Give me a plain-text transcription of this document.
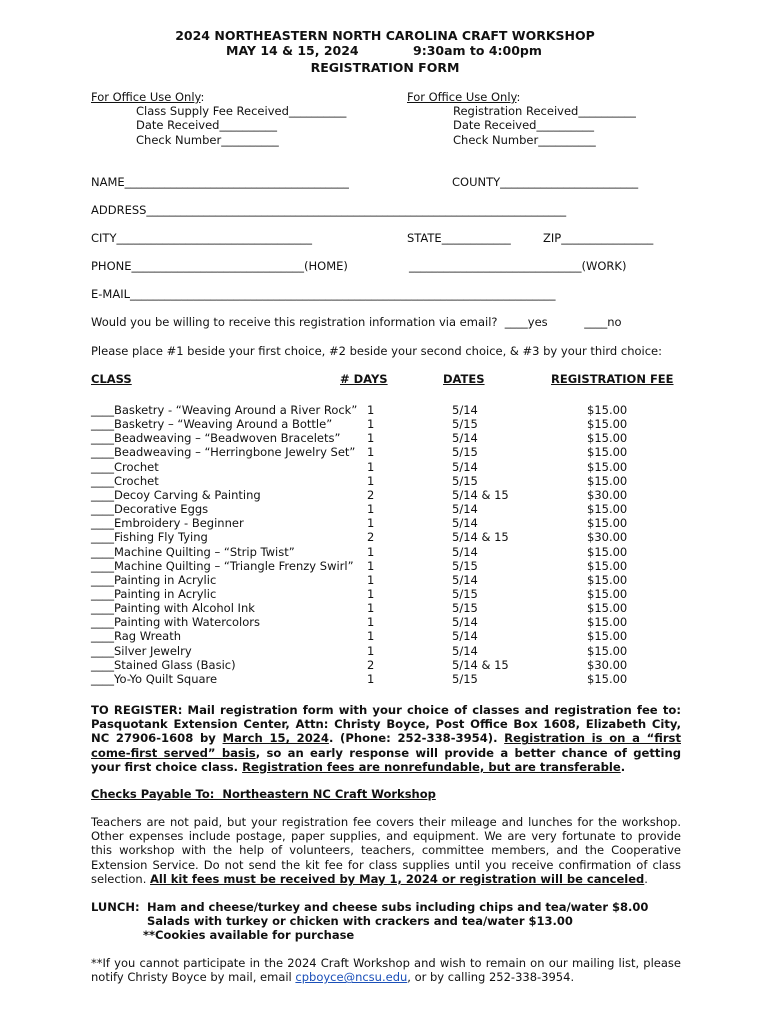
2024 NORTHEASTERN NORTH CAROLINA CRAFT WORKSHOP
MAY 14 & 15, 2024	9:30am to 4:00pm
REGISTRATION FORM
For Office Use Only:
Class Supply Fee Received__________
Date Received__________
Check Number__________
For Office Use Only:
Registration Received__________
Date Received__________
Check Number__________
NAME_______________________________________	COUNTY________________________
ADDRESS_________________________________________________________________________
CITY__________________________________	STATE____________	ZIP________________
PHONE______________________________(HOME)	______________________________(WORK)
E-MAIL__________________________________________________________________________
Would you be willing to receive this registration information via email?  ____yes          ____no
Please place #1 beside your first choice, #2 beside your second choice, & #3 by your third choice:
CLASS	# DAYS	DATES	REGISTRATION FEE
____Basketry - “Weaving Around a River Rock” 1	5/14	$15.00
____Basketry – “Weaving Around a Bottle”	1	5/15	$15.00
____Beadweaving – “Beadwoven Bracelets” 1	5/14	$15.00
____Beadweaving – “Herringbone Jewelry Set” 1	5/15	$15.00
____Crochet	1	5/14	$15.00
____Crochet	1	5/15	$15.00
____Decoy Carving & Painting	2	5/14 & 15	$30.00
____Decorative Eggs	1	5/14	$15.00
____Embroidery - Beginner	1	5/14	$15.00
____Fishing Fly Tying	2	5/14 & 15	$30.00
____Machine Quilting – “Strip Twist”	1	5/14	$15.00
____Machine Quilting – “Triangle Frenzy Swirl” 1	5/15	$15.00
____Painting in Acrylic	1	5/14	$15.00
____Painting in Acrylic	1	5/15	$15.00
____Painting with Alcohol Ink	1	5/15	$15.00
____Painting with Watercolors	1	5/14	$15.00
____Rag Wreath	1	5/14	$15.00
____Silver Jewelry	1	5/14	$15.00
____Stained Glass (Basic)	2	5/14 & 15	$30.00
____Yo-Yo Quilt Square	1	5/15	$15.00
TO REGISTER: Mail registration form with your choice of classes and registration fee to: Pasquotank Extension Center, Attn: Christy Boyce, Post Office Box 1608, Elizabeth City, NC 27906-1608 by March 15, 2024. (Phone: 252-338-3954). Registration is on a “first come-first served” basis, so an early response will provide a better chance of getting your first choice class. Registration fees are nonrefundable, but are transferable.
Checks Payable To:  Northeastern NC Craft Workshop
Teachers are not paid, but your registration fee covers their mileage and lunches for the workshop. Other expenses include postage, paper supplies, and equipment. We are very fortunate to provide this workshop with the help of volunteers, teachers, committee members, and the Cooperative Extension Service. Do not send the kit fee for class supplies until you receive confirmation of class selection. All kit fees must be received by May 1, 2024 or registration will be canceled.
LUNCH: Ham and cheese/turkey and cheese subs including chips and tea/water $8.00
Salads with turkey or chicken with crackers and tea/water $13.00
**Cookies available for purchase
**If you cannot participate in the 2024 Craft Workshop and wish to remain on our mailing list, please notify Christy Boyce by mail, email cpboyce@ncsu.edu, or by calling 252-338-3954.
